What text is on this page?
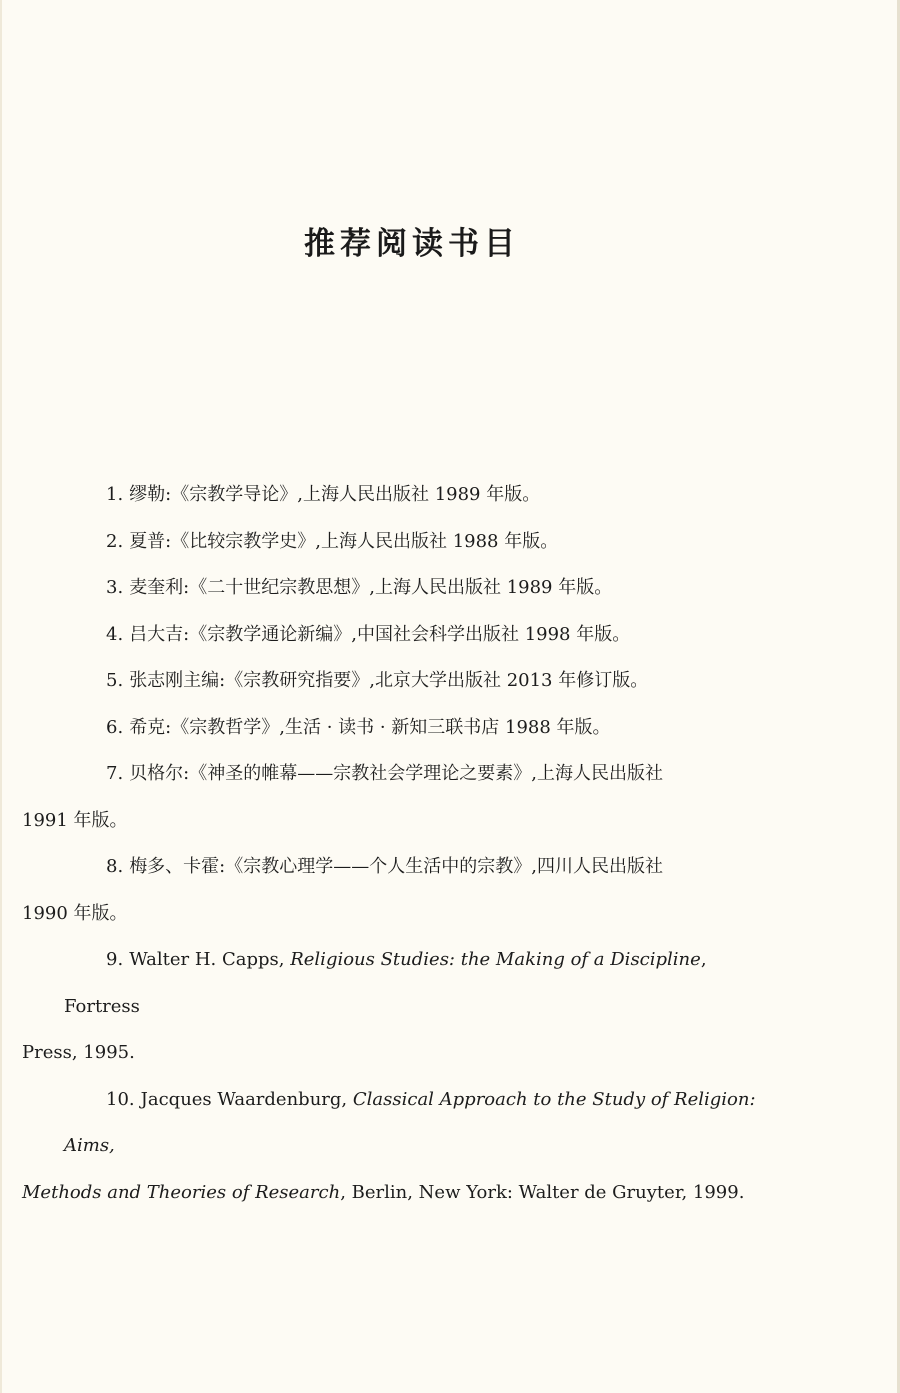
推荐阅读书目

1. 缪勒:《宗教学导论》,上海人民出版社 1989 年版。

2. 夏普:《比较宗教学史》,上海人民出版社 1988 年版。

3. 麦奎利:《二十世纪宗教思想》,上海人民出版社 1989 年版。

4. 吕大吉:《宗教学通论新编》,中国社会科学出版社 1998 年版。

5. 张志刚主编:《宗教研究指要》,北京大学出版社 2013 年修订版。

6. 希克:《宗教哲学》,生活 · 读书 · 新知三联书店 1988 年版。

7. 贝格尔:《神圣的帷幕——宗教社会学理论之要素》,上海人民出版社
1991 年版。

8. 梅多、卡霍:《宗教心理学——个人生活中的宗教》,四川人民出版社
1990 年版。

9. Walter H. Capps, Religious Studies: the Making of a Discipline, Fortress
Press, 1995.

10. Jacques Waardenburg, Classical Approach to the Study of Religion: Aims,
Methods and Theories of Research, Berlin, New York: Walter de Gruyter, 1999.
